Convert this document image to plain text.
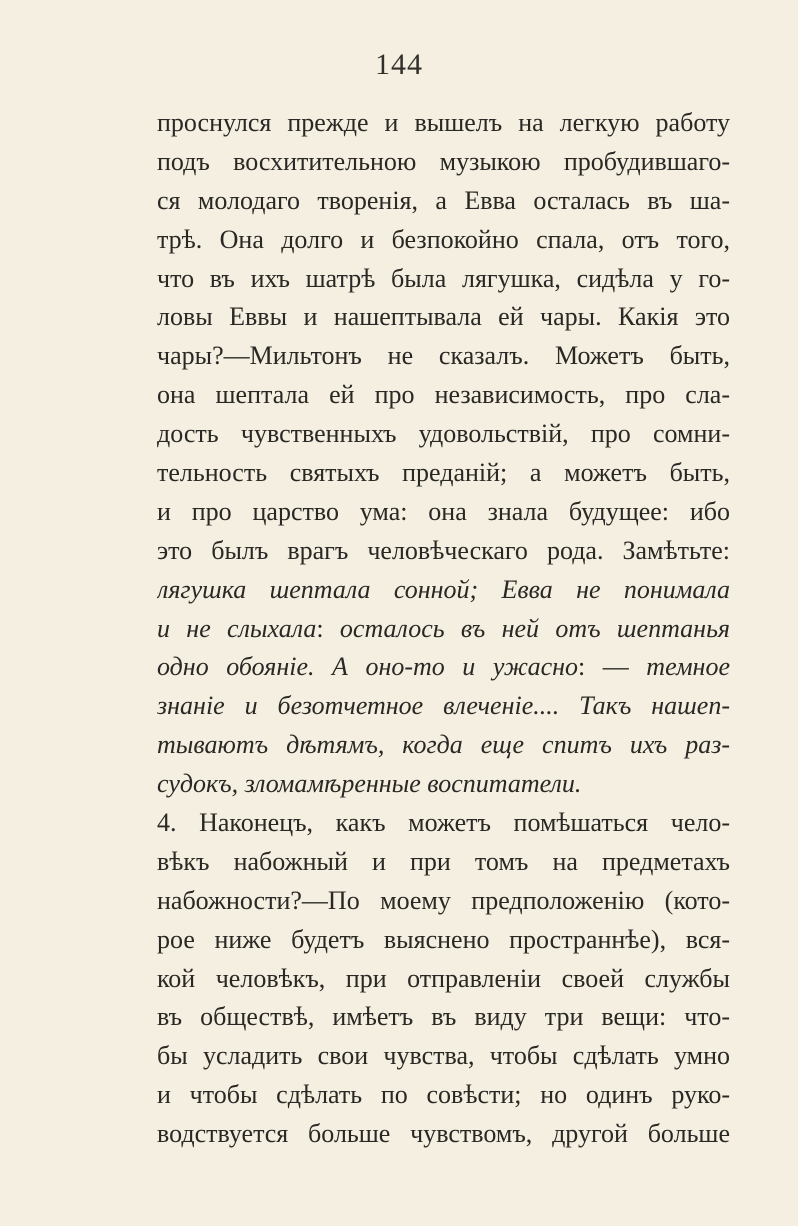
144
проснулся прежде и вышелъ на легкую работу
подъ восхитительною музыкою пробудившаго-
ся молодаго творенія, а Евва осталась въ ша-
трѣ. Она долго и безпокойно спала, отъ того,
что въ ихъ шатрѣ была лягушка, сидѣла у го-
ловы Еввы и нашептывала ей чары. Какія это
чары?—Мильтонъ не сказалъ. Можетъ быть,
она шептала ей про независимость, про сла-
дость чувственныхъ удовольствій, про сомни-
тельность святыхъ преданій; а можетъ быть,
и про царство ума: она знала будущее: ибо
это былъ врагъ человѣческаго рода. Замѣтьте:
лягушка шептала сонной; Евва не понимала
и не слыхала: осталось въ ней отъ шептанья
одно обояніе. А оно-то и ужасно: — темное
знаніе и безотчетное влеченіе.... Такъ нашеп-
тываютъ дѣтямъ, когда еще спитъ ихъ раз-
судокъ, зломамѣренные воспитатели.
4. Наконецъ, какъ можетъ помѣшаться чело-
вѣкъ набожный и при томъ на предметахъ
набожности?—По моему предположенію (кото-
рое ниже будетъ выяснено пространнѣе), вся-
кой человѣкъ, при отправленіи своей службы
въ обществѣ, имѣетъ въ виду три вещи: что-
бы усладить свои чувства, чтобы сдѣлать умно
и чтобы сдѣлать по совѣсти; но одинъ руко-
водствуется больше чувствомъ, другой больше
